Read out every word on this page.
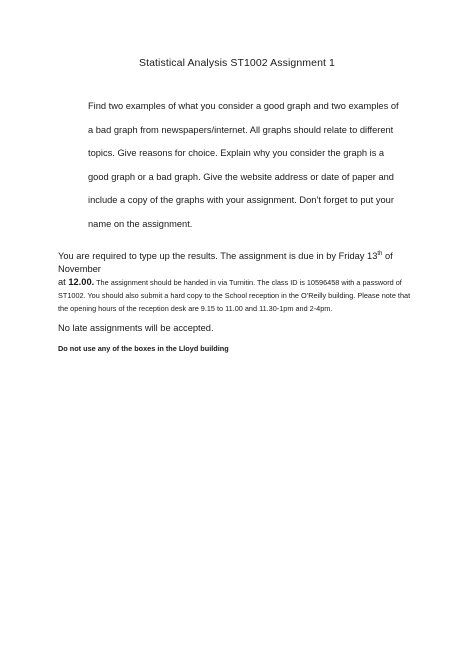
Statistical Analysis ST1002 Assignment 1

Find two examples of what you consider a good graph and two examples of a bad graph from newspapers/internet. All graphs should relate to different topics. Give reasons for choice. Explain why you consider the graph is a good graph or a bad graph. Give the website address or date of paper and include a copy of the graphs with your assignment. Don’t forget to put your name on the assignment.

You are required to type up the results. The assignment is due in by Friday 13th of November
at 12.00. The assignment should be handed in via Turnitin. The class ID is 10596458 with a password of ST1002. You should also submit a hard copy to the School reception in the O’Reilly building. Please note that the opening hours of the reception desk are 9.15 to 11.00 and 11.30-1pm and 2-4pm.

No late assignments will be accepted.

Do not use any of the boxes in the Lloyd building
